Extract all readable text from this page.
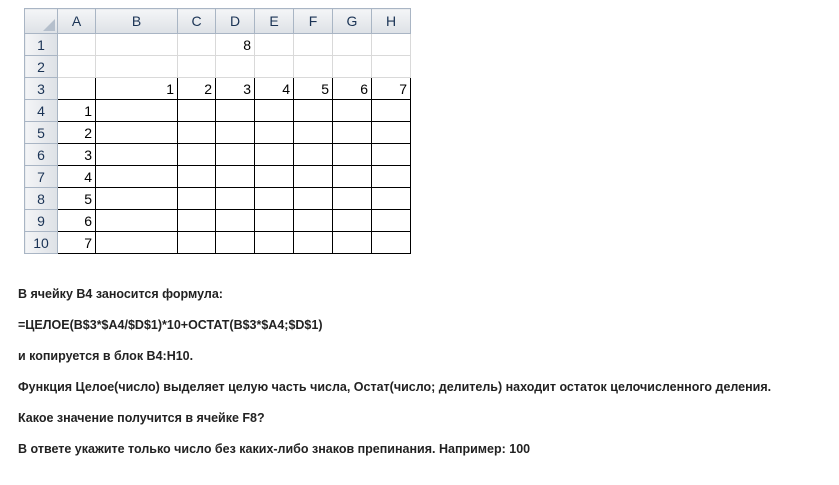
	A	B	C	D	E	F	G	H
1				8				
2								
3		1	2	3	4	5	6	7
4	1							
5	2							
6	3							
7	4							
8	5							
9	6							
10	7							

В ячейку B4 заносится формула:

=ЦЕЛОЕ(B$3*$A4/$D$1)*10+ОСТАТ(B$3*$A4;$D$1)

и копируется в блок B4:H10.

Функция Целое(число) выделяет целую часть числа, Остат(число; делитель) находит остаток целочисленного деления.

Какое значение получится в ячейке F8?

В ответе укажите только число без каких-либо знаков препинания. Например: 100
